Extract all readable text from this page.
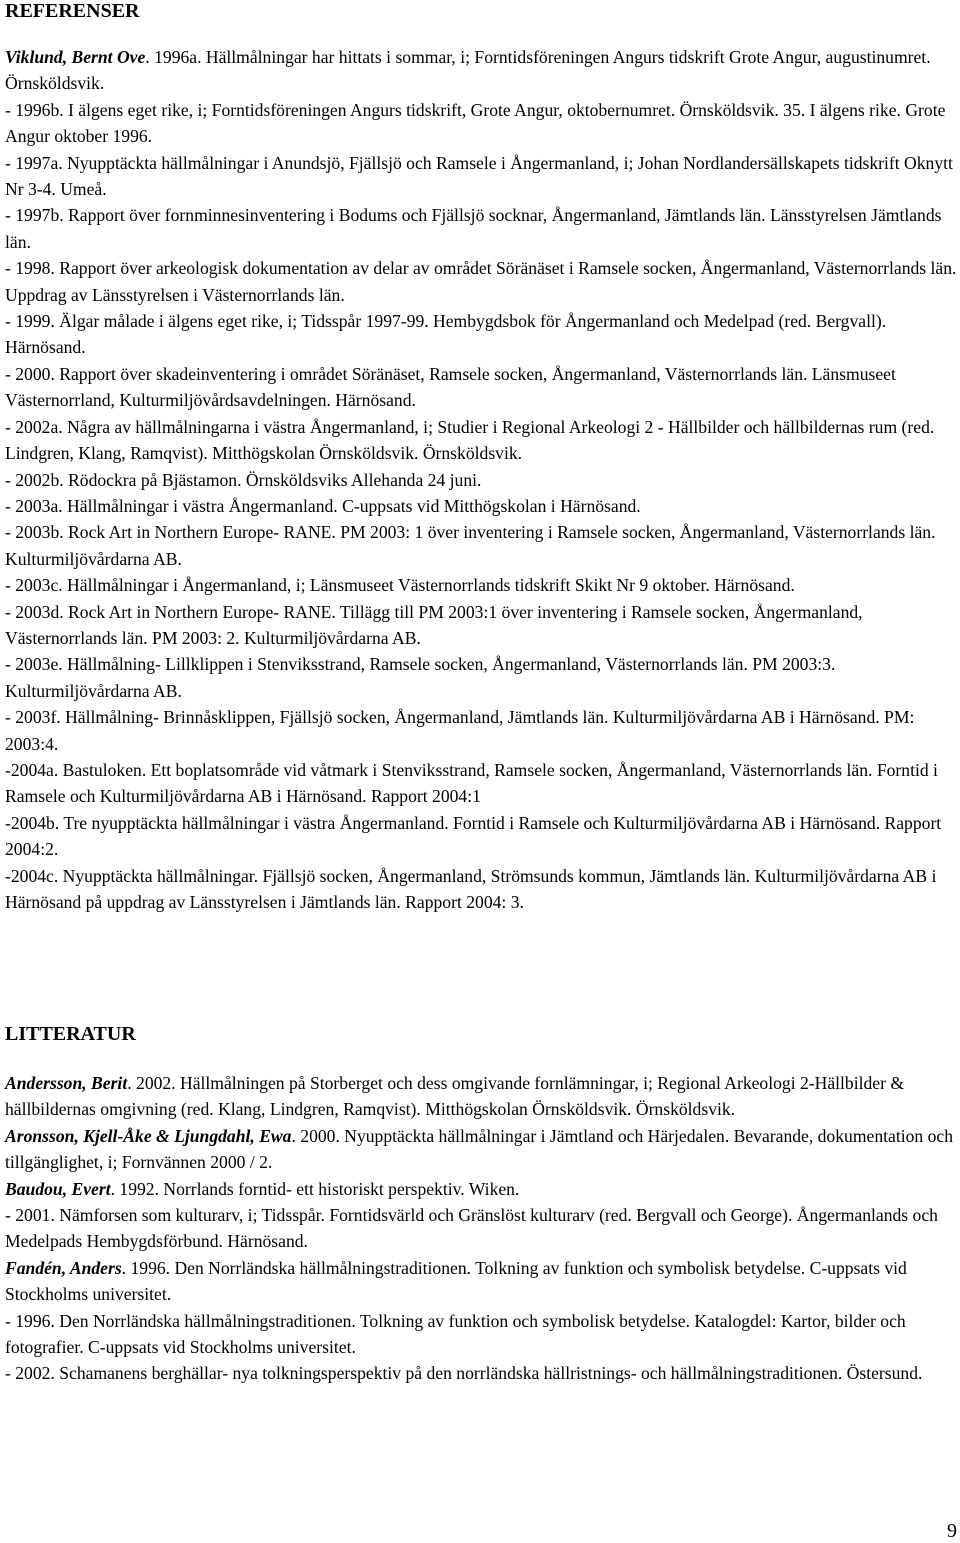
REFERENSER

Viklund, Bernt Ove. 1996a. Hällmålningar har hittats i sommar, i; Forntidsföreningen Angurs tidskrift Grote Angur, augustinumret. Örnsköldsvik.

- 1996b. I älgens eget rike, i; Forntidsföreningen Angurs tidskrift, Grote Angur, oktobernumret. Örnsköldsvik. 35. I älgens rike. Grote Angur oktober 1996.

- 1997a. Nyupptäckta hällmålningar i Anundsjö, Fjällsjö och Ramsele i Ångermanland, i; Johan Nordlandersällskapets tidskrift Oknytt Nr 3-4. Umeå.

- 1997b. Rapport över fornminnesinventering i Bodums och Fjällsjö socknar, Ångermanland, Jämtlands län. Länsstyrelsen Jämtlands län.

- 1998. Rapport över arkeologisk dokumentation av delar av området Söränäset i Ramsele socken, Ångermanland, Västernorrlands län. Uppdrag av Länsstyrelsen i Västernorrlands län.

- 1999. Älgar målade i älgens eget rike, i; Tidsspår 1997-99. Hembygdsbok för Ångermanland och Medelpad (red. Bergvall). Härnösand.

- 2000. Rapport över skadeinventering i området Söränäset, Ramsele socken, Ångermanland, Västernorrlands län. Länsmuseet Västernorrland, Kulturmiljövårdsavdelningen. Härnösand.

- 2002a. Några av hällmålningarna i västra Ångermanland, i; Studier i Regional Arkeologi 2 - Hällbilder och hällbildernas rum (red. Lindgren, Klang, Ramqvist). Mitthögskolan Örnsköldsvik. Örnsköldsvik.

- 2002b. Rödockra på Bjästamon. Örnsköldsviks Allehanda 24 juni.

- 2003a. Hällmålningar i västra Ångermanland. C-uppsats vid Mitthögskolan i Härnösand.

- 2003b. Rock Art in Northern Europe- RANE. PM 2003: 1 över inventering i Ramsele socken, Ångermanland, Västernorrlands län. Kulturmiljövårdarna AB.

- 2003c. Hällmålningar i Ångermanland, i; Länsmuseet Västernorrlands tidskrift Skikt Nr 9 oktober. Härnösand.

- 2003d. Rock Art in Northern Europe- RANE. Tillägg till PM 2003:1 över inventering i Ramsele socken, Ångermanland, Västernorrlands län. PM 2003: 2. Kulturmiljövårdarna AB.

- 2003e. Hällmålning- Lillklippen i Stenviksstrand, Ramsele socken, Ångermanland, Västernorrlands län. PM 2003:3. Kulturmiljövårdarna AB.

- 2003f. Hällmålning- Brinnåsklippen, Fjällsjö socken, Ångermanland, Jämtlands län. Kulturmiljövårdarna AB i Härnösand. PM: 2003:4.

-2004a. Bastuloken. Ett boplatsområde vid våtmark i Stenviksstrand, Ramsele socken, Ångermanland, Västernorrlands län. Forntid i Ramsele och Kulturmiljövårdarna AB i Härnösand. Rapport 2004:1

-2004b. Tre nyupptäckta hällmålningar i västra Ångermanland. Forntid i Ramsele och Kulturmiljövårdarna AB i Härnösand. Rapport 2004:2.

-2004c. Nyupptäckta hällmålningar. Fjällsjö socken, Ångermanland, Strömsunds kommun, Jämtlands län. Kulturmiljövårdarna AB i Härnösand på uppdrag av Länsstyrelsen i Jämtlands län. Rapport 2004: 3.

LITTERATUR

Andersson, Berit. 2002. Hällmålningen på Storberget och dess omgivande fornlämningar, i; Regional Arkeologi 2-Hällbilder & hällbildernas omgivning (red. Klang, Lindgren, Ramqvist). Mitthögskolan Örnsköldsvik. Örnsköldsvik.

Aronsson, Kjell-Åke & Ljungdahl, Ewa. 2000. Nyupptäckta hällmålningar i Jämtland och Härjedalen. Bevarande, dokumentation och tillgänglighet, i; Fornvännen 2000 / 2.

Baudou, Evert. 1992. Norrlands forntid- ett historiskt perspektiv. Wiken.

- 2001. Nämforsen som kulturarv, i; Tidsspår. Forntidsvärld och Gränslöst kulturarv (red. Bergvall och George). Ångermanlands och Medelpads Hembygdsförbund. Härnösand.

Fandén, Anders. 1996. Den Norrländska hällmålningstraditionen. Tolkning av funktion och symbolisk betydelse. C-uppsats vid Stockholms universitet.

- 1996. Den Norrländska hällmålningstraditionen. Tolkning av funktion och symbolisk betydelse. Katalogdel: Kartor, bilder och fotografier. C-uppsats vid Stockholms universitet.

- 2002. Schamanens berghällar- nya tolkningsperspektiv på den norrländska hällristnings- och hällmålningstraditionen. Östersund.

9
